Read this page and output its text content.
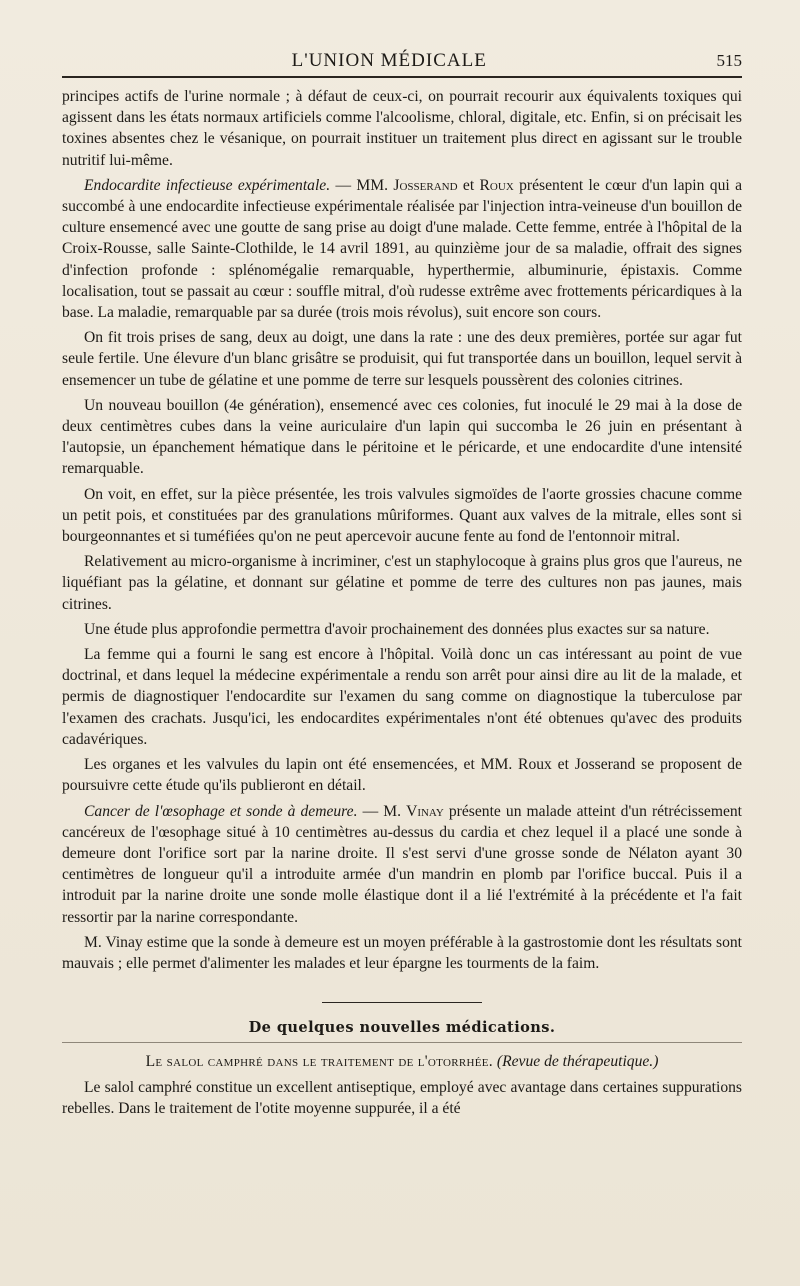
L'UNION MÉDICALE	515

principes actifs de l'urine normale ; à défaut de ceux-ci, on pourrait recourir aux équivalents toxiques qui agissent dans les états normaux artificiels comme l'alcoolisme, chloral, digitale, etc. Enfin, si on précisait les toxines absentes chez le vésanique, on pourrait instituer un traitement plus direct en agissant sur le trouble nutritif lui-même.

Endocardite infectieuse expérimentale. — MM. Josserand et Roux présentent le cœur d'un lapin qui a succombé à une endocardite infectieuse expérimentale réalisée par l'injection intra-veineuse d'un bouillon de culture ensemencé avec une goutte de sang prise au doigt d'une malade. Cette femme, entrée à l'hôpital de la Croix-Rousse, salle Sainte-Clothilde, le 14 avril 1891, au quinzième jour de sa maladie, offrait des signes d'infection profonde : splénomégalie remarquable, hyperthermie, albuminurie, épistaxis. Comme localisation, tout se passait au cœur : souffle mitral, d'où rudesse extrême avec frottements péricardiques à la base. La maladie, remarquable par sa durée (trois mois révolus), suit encore son cours.

On fit trois prises de sang, deux au doigt, une dans la rate : une des deux premières, portée sur agar fut seule fertile. Une élevure d'un blanc grisâtre se produisit, qui fut transportée dans un bouillon, lequel servit à ensemencer un tube de gélatine et une pomme de terre sur lesquels poussèrent des colonies citrines.

Un nouveau bouillon (4e génération), ensemencé avec ces colonies, fut inoculé le 29 mai à la dose de deux centimètres cubes dans la veine auriculaire d'un lapin qui succomba le 26 juin en présentant à l'autopsie, un épanchement hématique dans le péritoine et le péricarde, et une endocardite d'une intensité remarquable.

On voit, en effet, sur la pièce présentée, les trois valvules sigmoïdes de l'aorte grossies chacune comme un petit pois, et constituées par des granulations mûriformes. Quant aux valves de la mitrale, elles sont si bourgeonnantes et si tuméfiées qu'on ne peut apercevoir aucune fente au fond de l'entonnoir mitral.

Relativement au micro-organisme à incriminer, c'est un staphylocoque à grains plus gros que l'aureus, ne liquéfiant pas la gélatine, et donnant sur gélatine et pomme de terre des cultures non pas jaunes, mais citrines.

Une étude plus approfondie permettra d'avoir prochainement des données plus exactes sur sa nature.

La femme qui a fourni le sang est encore à l'hôpital. Voilà donc un cas intéressant au point de vue doctrinal, et dans lequel la médecine expérimentale a rendu son arrêt pour ainsi dire au lit de la malade, et permis de diagnostiquer l'endocardite sur l'examen du sang comme on diagnostique la tuberculose par l'examen des crachats. Jusqu'ici, les endocardites expérimentales n'ont été obtenues qu'avec des produits cadavériques.

Les organes et les valvules du lapin ont été ensemencées, et MM. Roux et Josserand se proposent de poursuivre cette étude qu'ils publieront en détail.

Cancer de l'œsophage et sonde à demeure. — M. Vinay présente un malade atteint d'un rétrécissement cancéreux de l'œsophage situé à 10 centimètres au-dessus du cardia et chez lequel il a placé une sonde à demeure dont l'orifice sort par la narine droite. Il s'est servi d'une grosse sonde de Nélaton ayant 30 centimètres de longueur qu'il a introduite armée d'un mandrin en plomb par l'orifice buccal. Puis il a introduit par la narine droite une sonde molle élastique dont il a lié l'extrémité à la précédente et l'a fait ressortir par la narine correspondante.

M. Vinay estime que la sonde à demeure est un moyen préférable à la gastrostomie dont les résultats sont mauvais ; elle permet d'alimenter les malades et leur épargne les tourments de la faim.

De quelques nouvelles médications.
Le salol camphré dans le traitement de l'otorrhée. (Revue de thérapeutique.)

Le salol camphré constitue un excellent antiseptique, employé avec avantage dans certaines suppurations rebelles. Dans le traitement de l'otite moyenne suppurée, il a été
